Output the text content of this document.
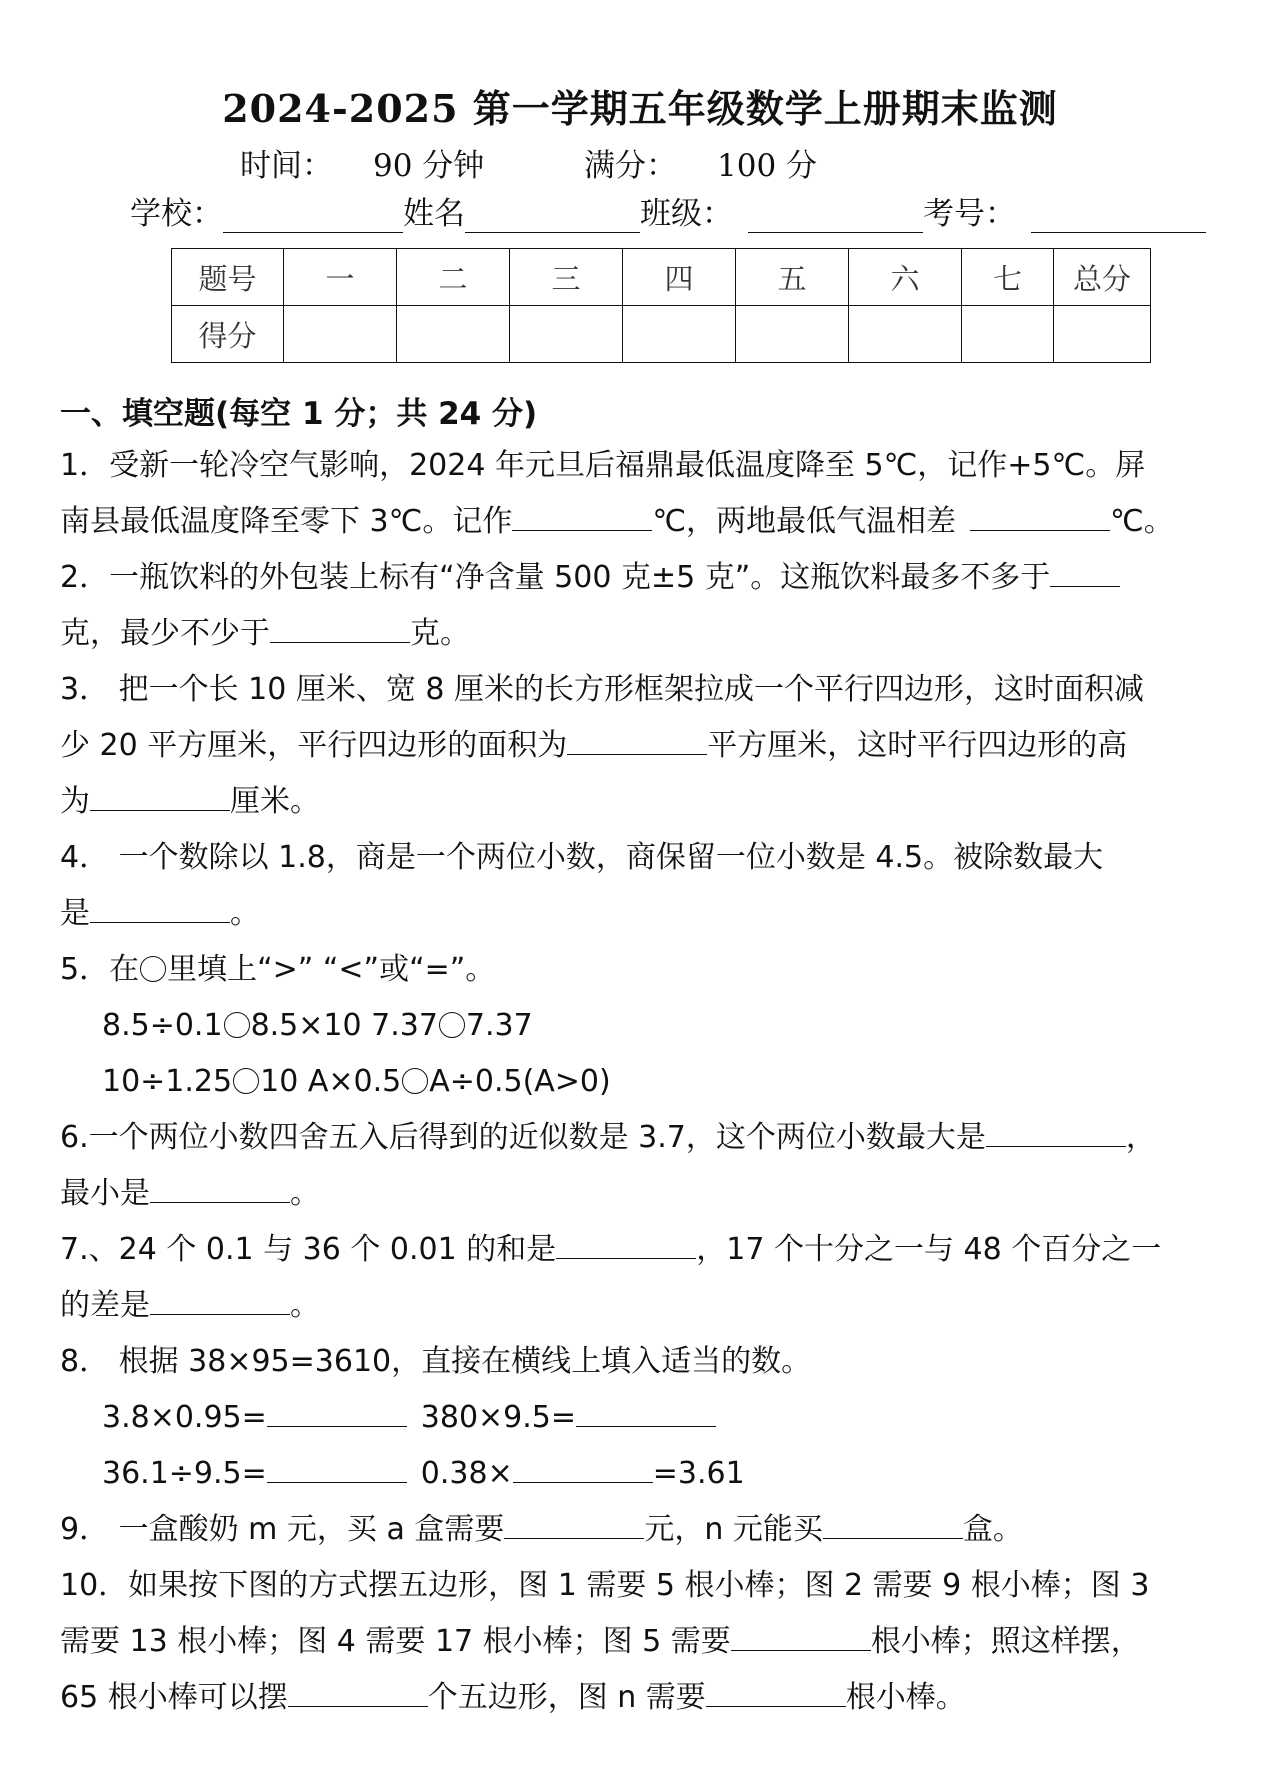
2024-2025 第一学期五年级数学上册期末监测
时间： 90 分钟	满分： 100 分
学校：	姓名	班级：	考号：
题号	一	二	三	四	五	六	七	总分
得分								
一、填空题(每空 1 分；共 24 分)
1．受新一轮冷空气影响，2024 年元旦后福鼎最低温度降至 5℃，记作+5℃。屏
南县最低温度降至零下 3℃。记作	℃，两地最低气温相差	℃。
2．一瓶饮料的外包装上标有“净含量 500 克±5 克”。这瓶饮料最多不多于
克，最少不少于	克。
3． 把一个长 10 厘米、宽 8 厘米的长方形框架拉成一个平行四边形，这时面积减
少 20 平方厘米，平行四边形的面积为	平方厘米，这时平行四边形的高
为	厘米。
4． 一个数除以 1.8，商是一个两位小数，商保留一位小数是 4.5。被除数最大
是	。
5．在 里填上“>” “<”或“=”。
8.5÷0.1 8.5×10 7.37 7.37
10÷1.25 10 A×0.5 A÷0.5(A>0)
6.一个两位小数四舍五入后得到的近似数是 3.7，这个两位小数最大是	，
最小是	。
7.、24 个 0.1 与 36 个 0.01 的和是	，17 个十分之一与 48 个百分之一
的差是	。
8． 根据 38×95=3610，直接在横线上填入适当的数。
3.8×0.95=	380×9.5=
36.1÷9.5=	0.38×	=3.61
9． 一盒酸奶 m 元，买 a 盒需要	元，n 元能买	盒。
10．如果按下图的方式摆五边形，图 1 需要 5 根小棒；图 2 需要 9 根小棒；图 3
需要 13 根小棒；图 4 需要 17 根小棒；图 5 需要	根小棒；照这样摆，
65 根小棒可以摆	个五边形，图 n 需要	根小棒。
